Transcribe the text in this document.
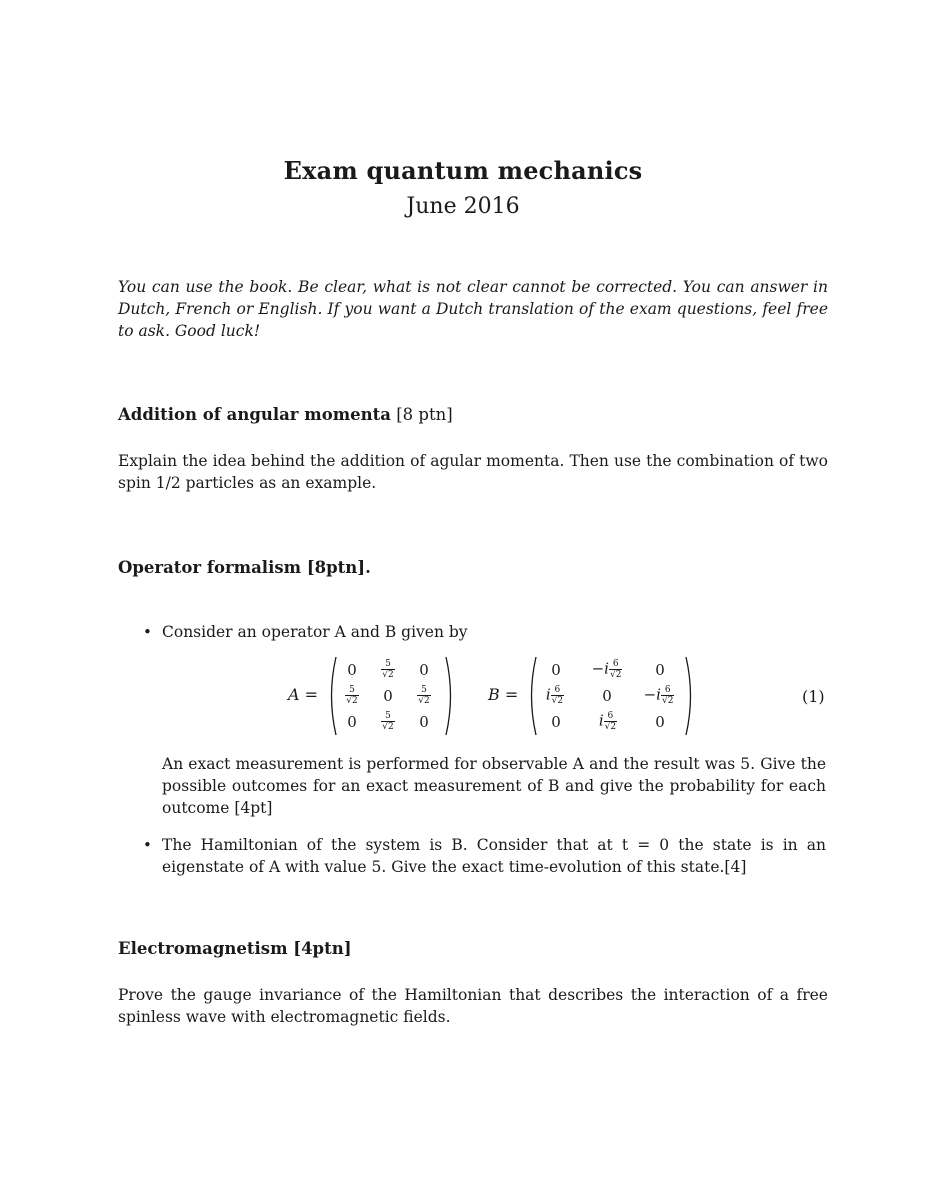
Exam quantum mechanics
June 2016

You can use the book. Be clear, what is not clear cannot be corrected. You can answer in Dutch, French or English. If you want a Dutch translation of the exam questions, feel free to ask. Good luck!

Addition of angular momenta [8 ptn]

Explain the idea behind the addition of agular momenta. Then use the combination of two spin 1/2 particles as an example.

Operator formalism [8ptn].
• Consider an operator A and B given by

A =
0	$\frac{5}{√2}$	0
$\frac{5}{√2}$	0	$\frac{5}{√2}$
0	$\frac{5}{√2}$	0
B =
0	$-i \frac{6}{√2}$	0
i $\frac{6}{√2}$	0	$-i \frac{6}{√2}$
0	i $\frac{6}{√2}$	0
(1)

An exact measurement is performed for observable A and the result was 5. Give the possible outcomes for an exact measurement of B and give the probability for each outcome [4pt]

• The Hamiltonian of the system is B. Consider that at t = 0 the state is in an eigenstate of A with value 5. Give the exact time-evolution of this state.[4]

Electromagnetism [4ptn]

Prove the gauge invariance of the Hamiltonian that describes the interaction of a free spinless wave with electromagnetic fields.
